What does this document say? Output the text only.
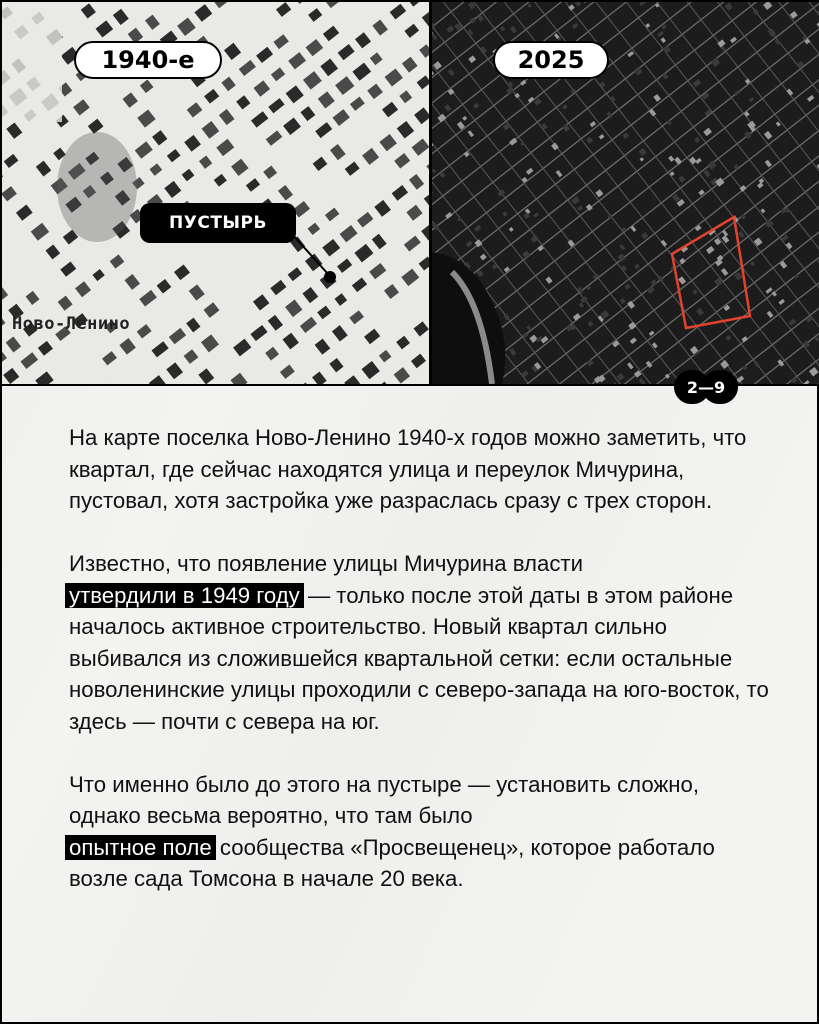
1940-е
ПУСТЫРЬ
Ново-Ленино
2025
2—9

На карте поселка Ново-Ленино 1940-х годов можно заметить, что квартал, где сейчас находятся улица и переулок Мичурина, пустовал, хотя застройка уже разраслась сразу с трех сторон.

Известно, что появление улицы Мичурина власти
утвердили в 1949 году — только после этой даты в этом районе началось активное строительство. Новый квартал сильно выбивался из сложившейся квартальной сетки: если остальные новоленинские улицы проходили с северо-запада на юго-восток, то здесь — почти с севера на юг.

Что именно было до этого на пустыре — установить сложно, однако весьма вероятно, что там было
опытное поле сообщества «Просвещенец», которое работало возле сада Томсона в начале 20 века.
